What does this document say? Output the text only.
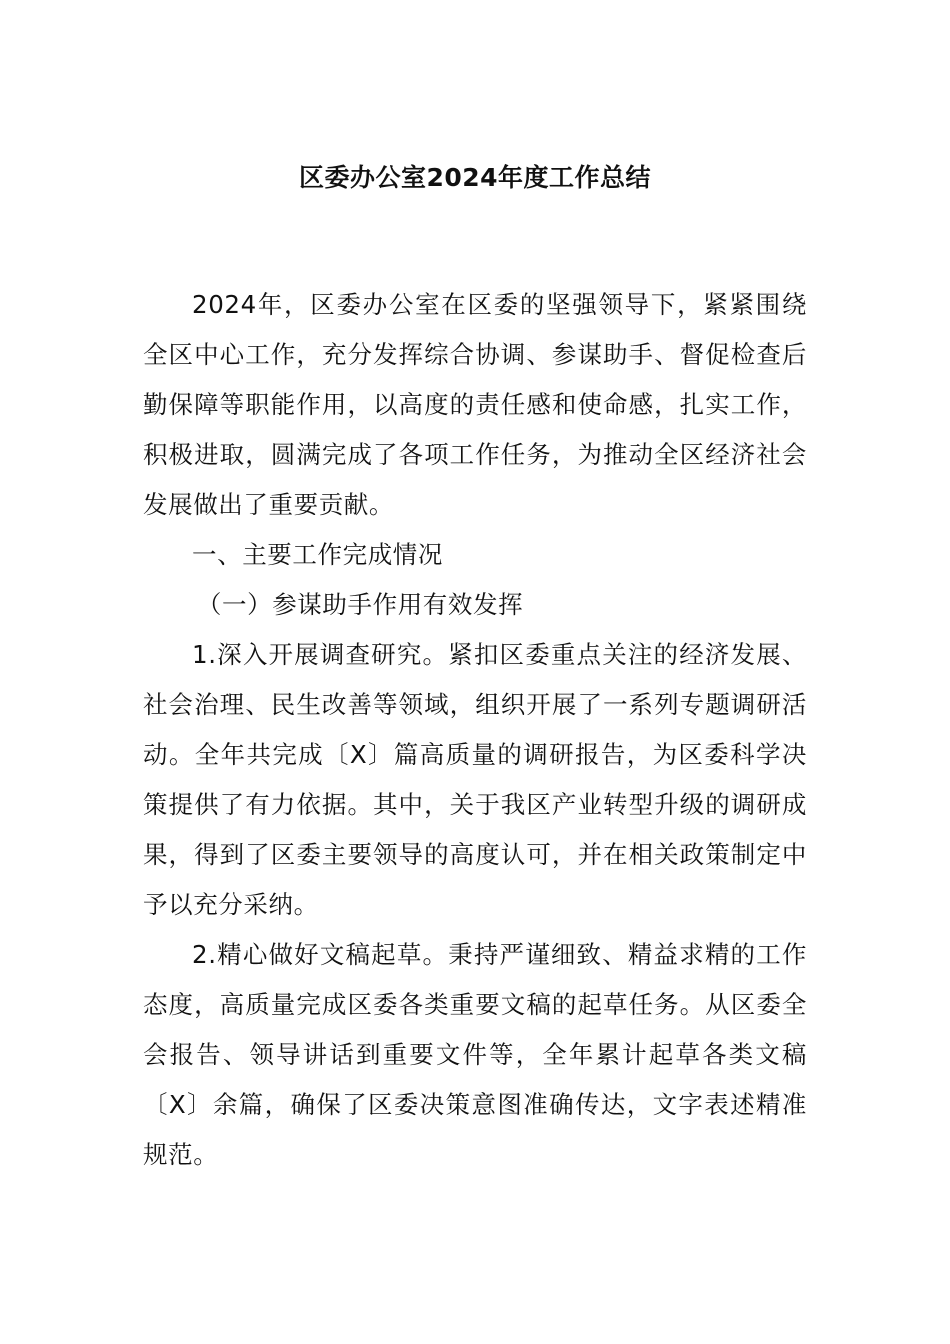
区委办公室2024年度工作总结

2024年，区委办公室在区委的坚强领导下，紧紧围绕全区中心工作，充分发挥综合协调、参谋助手、督促检查后勤保障等职能作用，以高度的责任感和使命感，扎实工作，积极进取，圆满完成了各项工作任务，为推动全区经济社会发展做出了重要贡献。

一、主要工作完成情况

（一）参谋助手作用有效发挥

1.深入开展调查研究。紧扣区委重点关注的经济发展、社会治理、民生改善等领域，组织开展了一系列专题调研活动。全年共完成〔X〕篇高质量的调研报告，为区委科学决策提供了有力依据。其中，关于我区产业转型升级的调研成果，得到了区委主要领导的高度认可，并在相关政策制定中予以充分采纳。

2.精心做好文稿起草。秉持严谨细致、精益求精的工作态度，高质量完成区委各类重要文稿的起草任务。从区委全会报告、领导讲话到重要文件等，全年累计起草各类文稿〔X〕余篇，确保了区委决策意图准确传达，文字表述精准规范。
